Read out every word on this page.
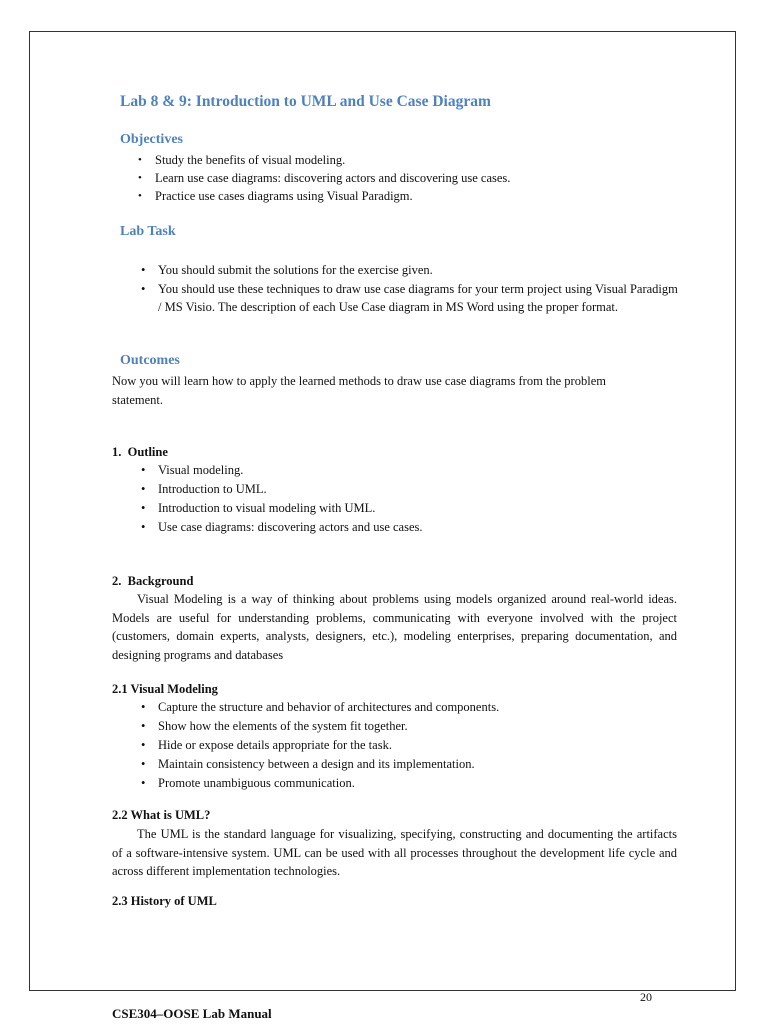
Lab 8 & 9: Introduction to UML and Use Case Diagram
Objectives
• Study the benefits of visual modeling.
• Learn use case diagrams: discovering actors and discovering use cases.
• Practice use cases diagrams using Visual Paradigm.
Lab Task
• You should submit the solutions for the exercise given.
• You should use these techniques to draw use case diagrams for your term project using Visual Paradigm / MS Visio. The description of each Use Case diagram in MS Word using the proper format.
Outcomes

Now you will learn how to apply the learned methods to draw use case diagrams from the problem statement.

1.  Outline

• Visual modeling.
• Introduction to UML.
• Introduction to visual modeling with UML.
• Use case diagrams: discovering actors and use cases.

2.  Background

Visual Modeling is a way of thinking about problems using models organized around real-world ideas. Models are useful for understanding problems, communicating with everyone involved with the project (customers, domain experts, analysts, designers, etc.), modeling enterprises, preparing documentation, and designing programs and databases

2.1 Visual Modeling

• Capture the structure and behavior of architectures and components.
• Show how the elements of the system fit together.
• Hide or expose details appropriate for the task.
• Maintain consistency between a design and its implementation.
• Promote unambiguous communication.

2.2 What is UML?

The UML is the standard language for visualizing, specifying, constructing and documenting the artifacts of a software-intensive system. UML can be used with all processes throughout the development life cycle and across different implementation technologies.

2.3 History of UML

20
CSE304–OOSE Lab Manual
